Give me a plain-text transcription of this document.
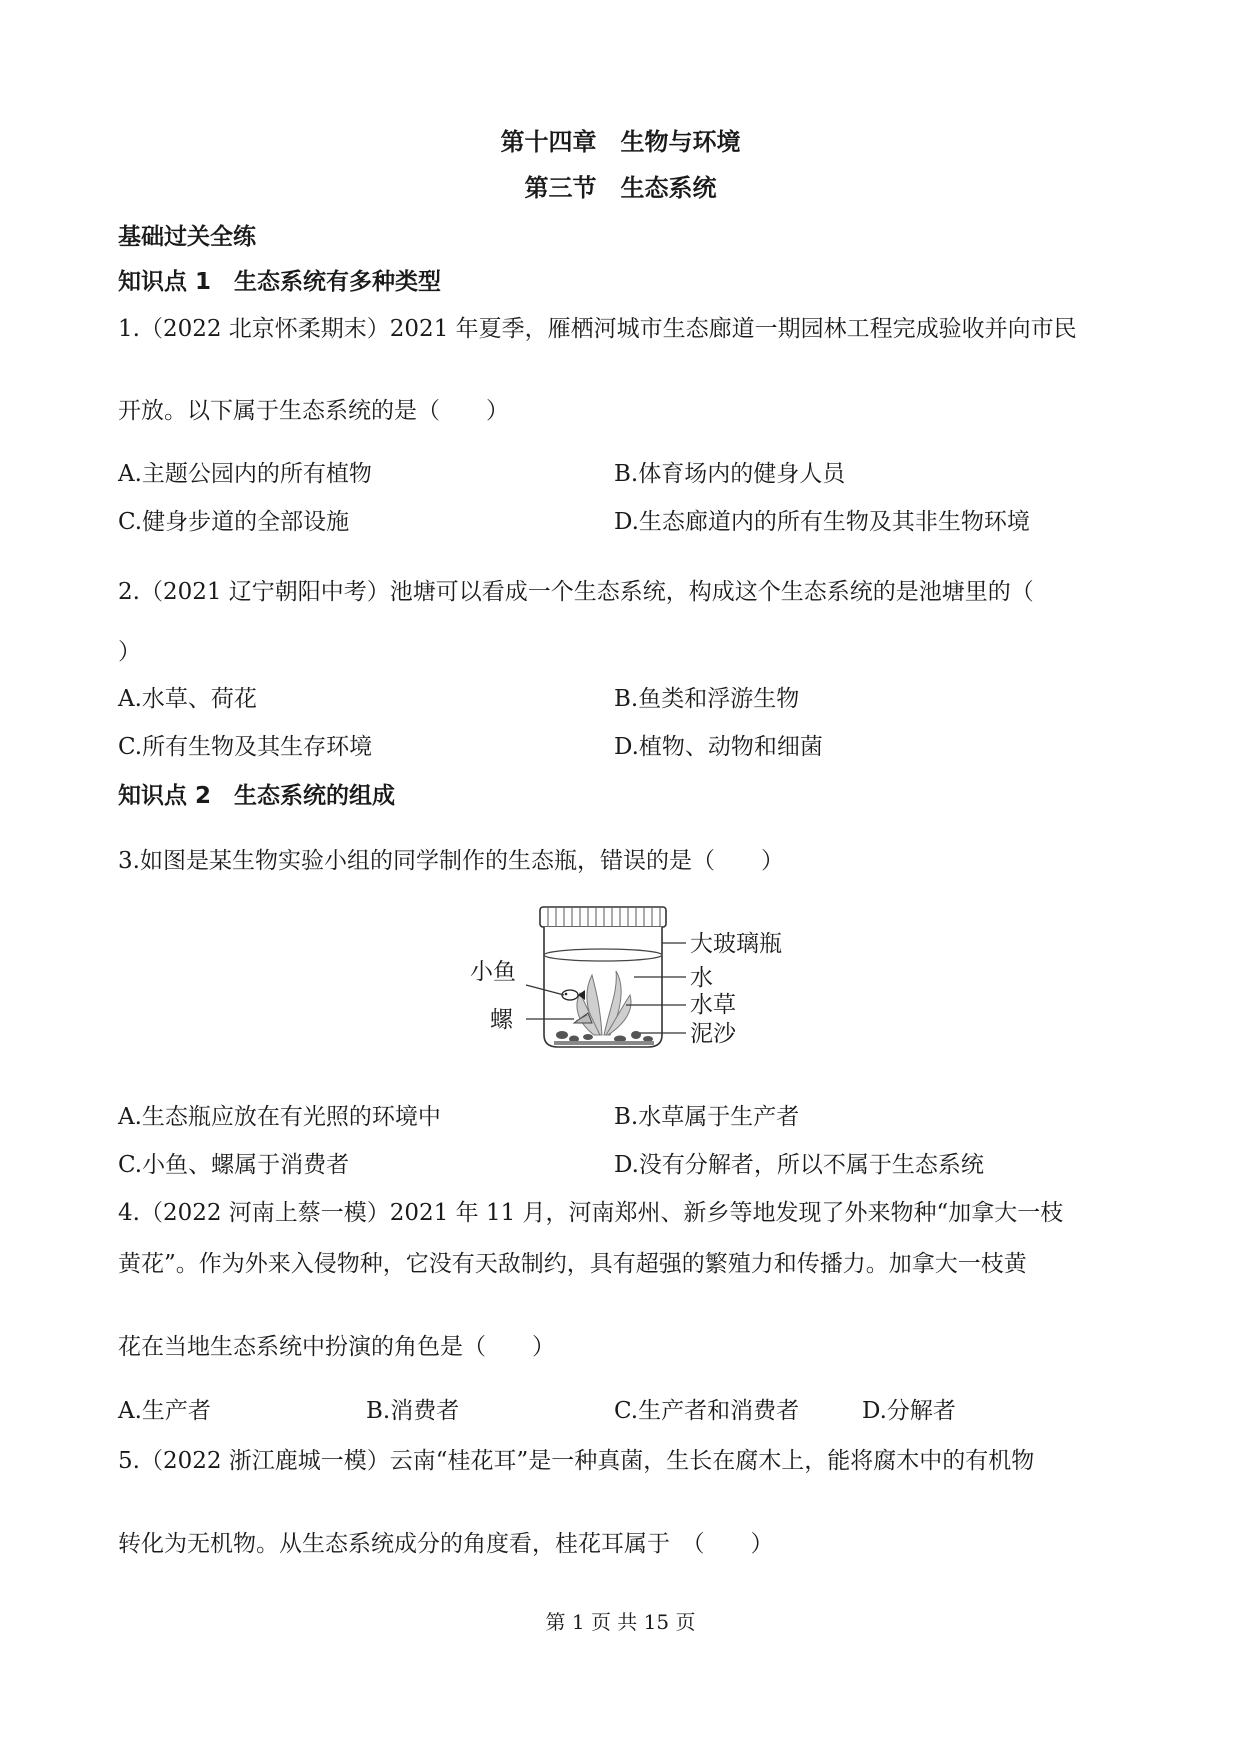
第十四章　生物与环境
第三节　生态系统
基础过关全练
知识点 1　生态系统有多种类型
1.（2022 北京怀柔期末）2021 年夏季，雁栖河城市生态廊道一期园林工程完成验收并向市民
开放。以下属于生态系统的是（　　）
A.主题公园内的所有植物	B.体育场内的健身人员
C.健身步道的全部设施	D.生态廊道内的所有生物及其非生物环境
2.（2021 辽宁朝阳中考）池塘可以看成一个生态系统，构成这个生态系统的是池塘里的（
）
A.水草、荷花	B.鱼类和浮游生物
C.所有生物及其生存环境	D.植物、动物和细菌
知识点 2　生态系统的组成
3.如图是某生物实验小组的同学制作的生态瓶，错误的是（　　）
大玻璃瓶
小鱼	水
螺
水草
泥沙
A.生态瓶应放在有光照的环境中	B.水草属于生产者
C.小鱼、螺属于消费者	D.没有分解者，所以不属于生态系统
4.（2022 河南上蔡一模）2021 年 11 月，河南郑州、新乡等地发现了外来物种“加拿大一枝
黄花”。作为外来入侵物种，它没有天敌制约，具有超强的繁殖力和传播力。加拿大一枝黄
花在当地生态系统中扮演的角色是（　　）
A.生产者	B.消费者	C.生产者和消费者	D.分解者
5.（2022 浙江鹿城一模）云南“桂花耳”是一种真菌，生长在腐木上，能将腐木中的有机物
转化为无机物。从生态系统成分的角度看，桂花耳属于　（　　）
第 1 页 共 15 页
